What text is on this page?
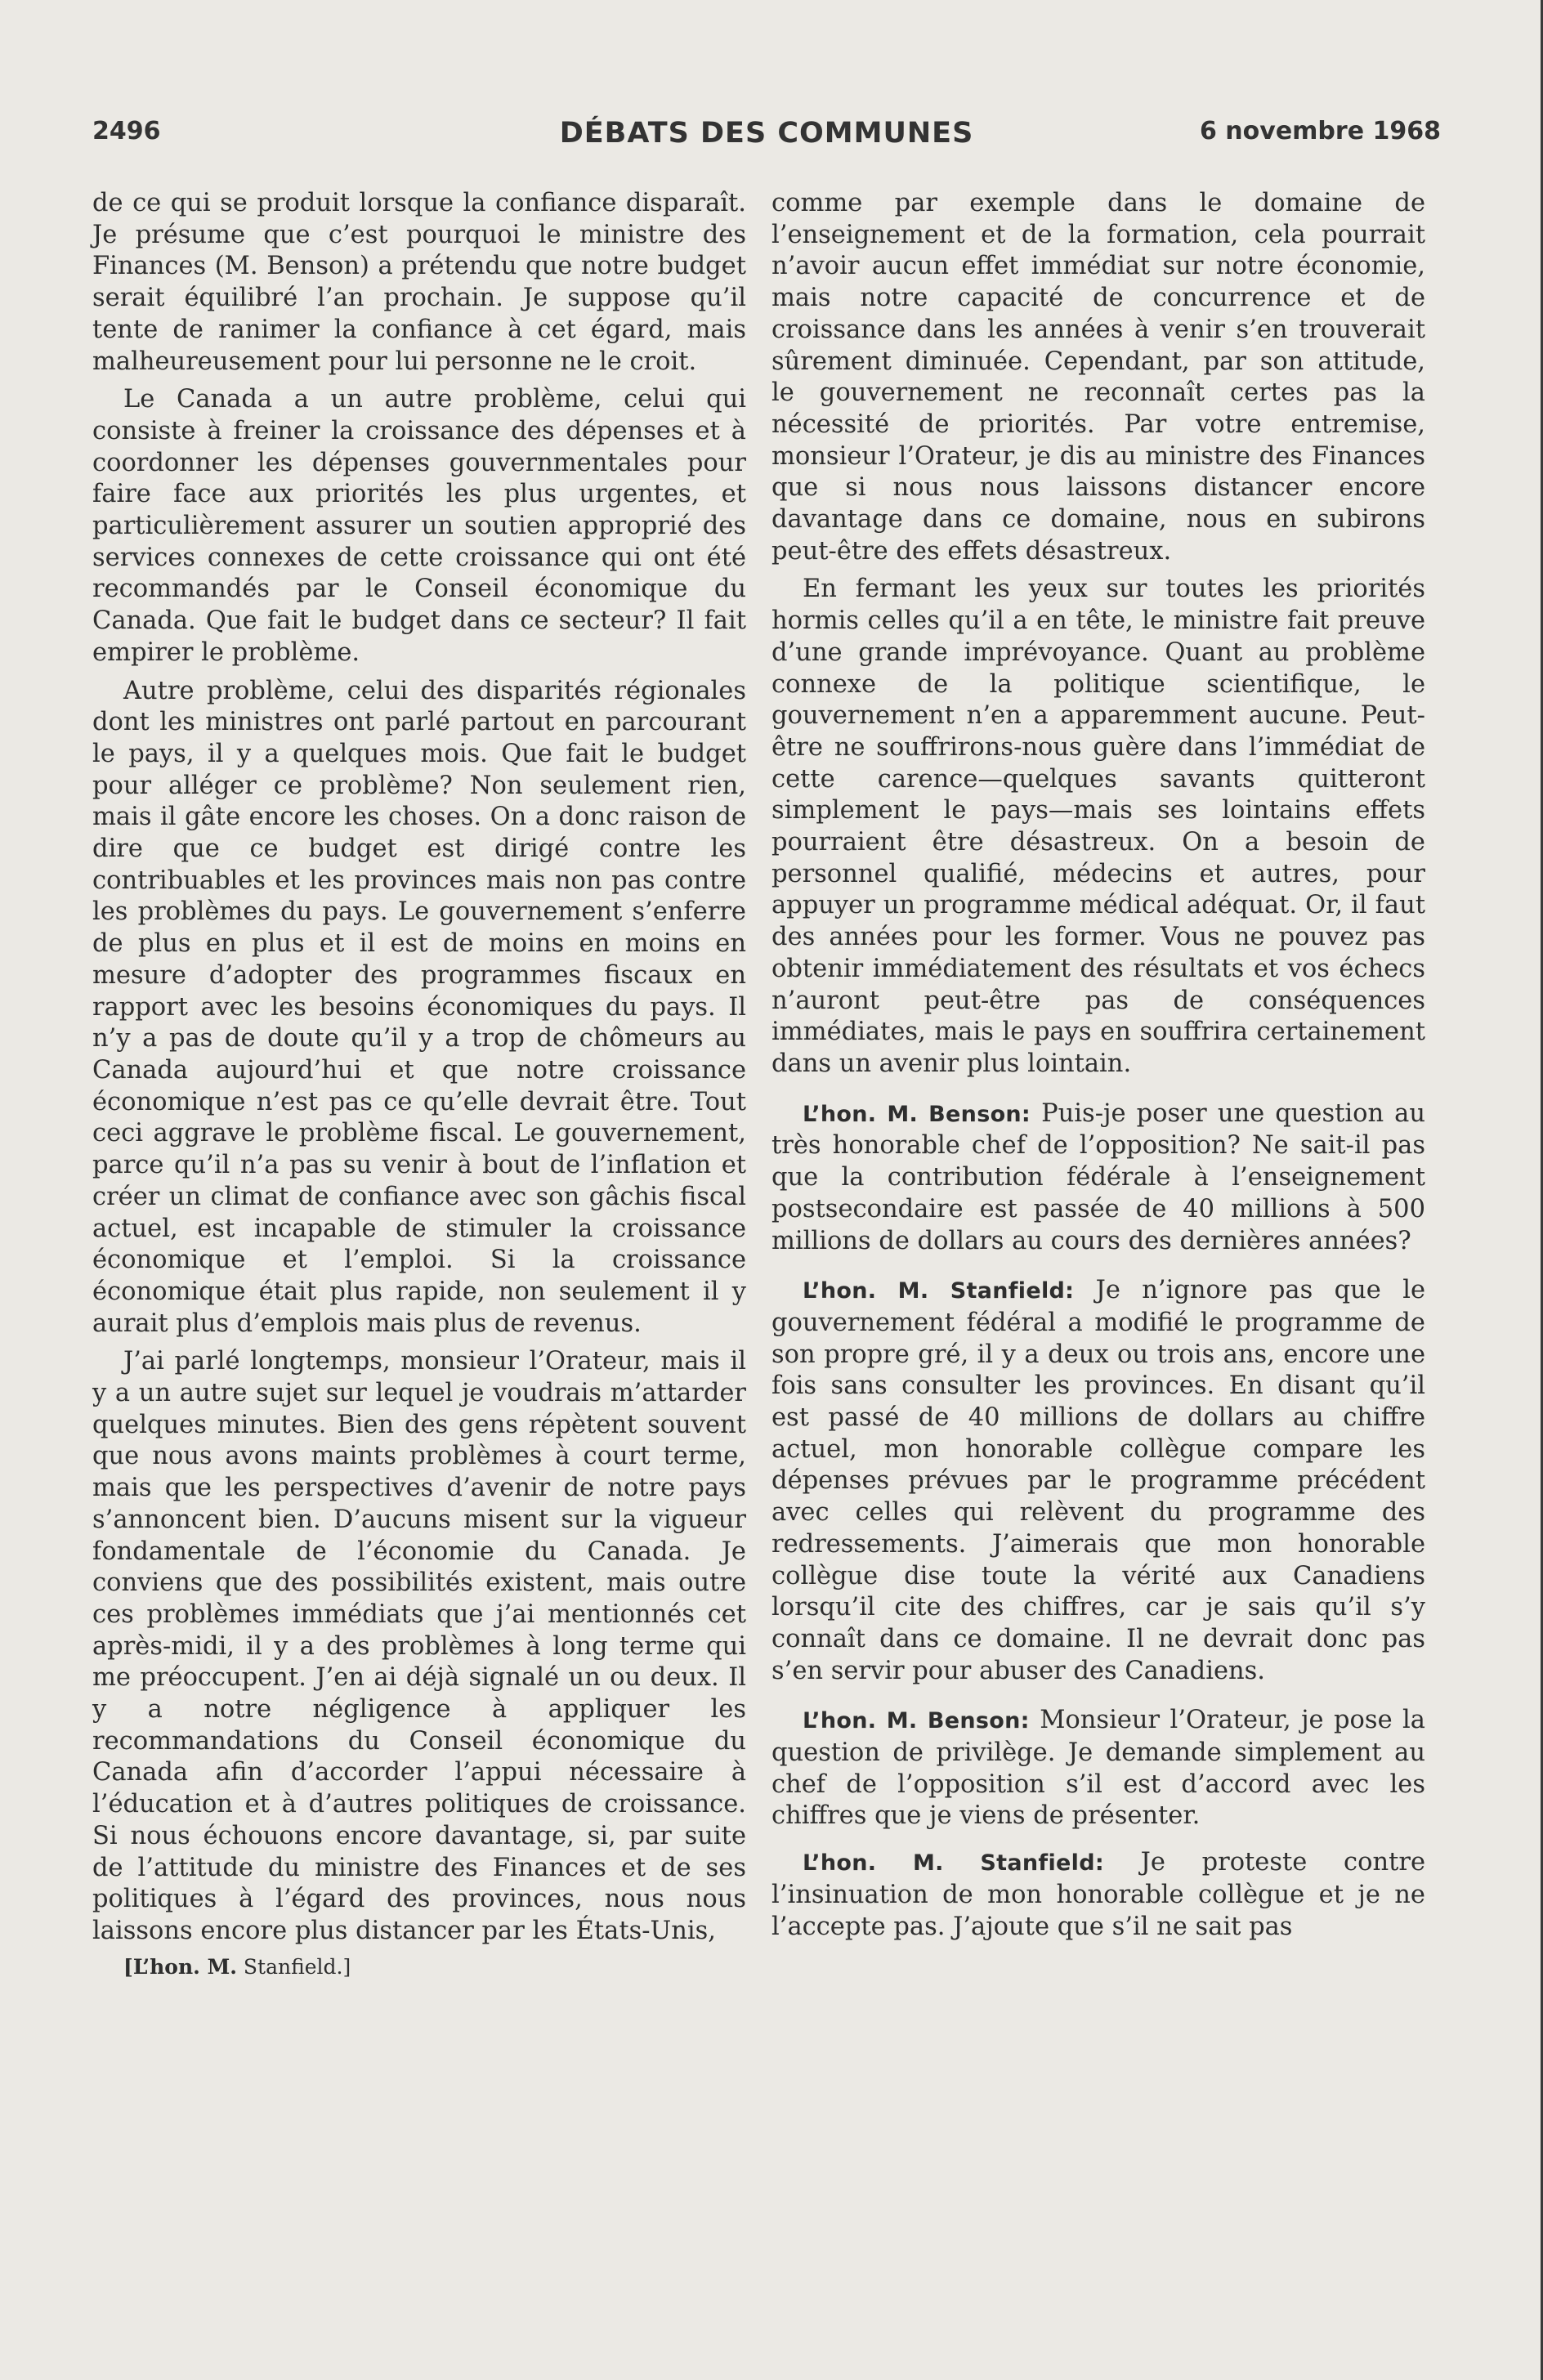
2496	DÉBATS DES COMMUNES	6 novembre 1968

de ce qui se produit lorsque la confiance disparaît. Je présume que c’est pourquoi le ministre des Finances (M. Benson) a prétendu que notre budget serait équilibré l’an prochain. Je suppose qu’il tente de ranimer la confiance à cet égard, mais malheureusement pour lui personne ne le croit.

Le Canada a un autre problème, celui qui consiste à freiner la croissance des dépenses et à coordonner les dépenses gouvernmentales pour faire face aux priorités les plus urgentes, et particulièrement assurer un soutien approprié des services connexes de cette croissance qui ont été recommandés par le Conseil économique du Canada. Que fait le budget dans ce secteur? Il fait empirer le problème.

Autre problème, celui des disparités régionales dont les ministres ont parlé partout en parcourant le pays, il y a quelques mois. Que fait le budget pour alléger ce problème? Non seulement rien, mais il gâte encore les choses. On a donc raison de dire que ce budget est dirigé contre les contribuables et les provinces mais non pas contre les problèmes du pays. Le gouvernement s’enferre de plus en plus et il est de moins en moins en mesure d’adopter des programmes fiscaux en rapport avec les besoins économiques du pays. Il n’y a pas de doute qu’il y a trop de chômeurs au Canada aujourd’hui et que notre croissance économique n’est pas ce qu’elle devrait être. Tout ceci aggrave le problème fiscal. Le gouvernement, parce qu’il n’a pas su venir à bout de l’inflation et créer un climat de confiance avec son gâchis fiscal actuel, est incapable de stimuler la croissance économique et l’emploi. Si la croissance économique était plus rapide, non seulement il y aurait plus d’emplois mais plus de revenus.

J’ai parlé longtemps, monsieur l’Orateur, mais il y a un autre sujet sur lequel je voudrais m’attarder quelques minutes. Bien des gens répètent souvent que nous avons maints problèmes à court terme, mais que les perspectives d’avenir de notre pays s’annoncent bien. D’aucuns misent sur la vigueur fondamentale de l’économie du Canada. Je conviens que des possibilités existent, mais outre ces problèmes immédiats que j’ai mentionnés cet après-midi, il y a des problèmes à long terme qui me préoccupent. J’en ai déjà signalé un ou deux. Il y a notre négligence à appliquer les recommandations du Conseil économique du Canada afin d’accorder l’appui nécessaire à l’éducation et à d’autres politiques de croissance. Si nous échouons encore davantage, si, par suite de l’attitude du ministre des Finances et de ses politiques à l’égard des provinces, nous nous laissons encore plus distancer par les États-Unis,

[L’hon. M. Stanfield.]

comme par exemple dans le domaine de l’enseignement et de la formation, cela pourrait n’avoir aucun effet immédiat sur notre économie, mais notre capacité de concurrence et de croissance dans les années à venir s’en trouverait sûrement diminuée. Cependant, par son attitude, le gouvernement ne reconnaît certes pas la nécessité de priorités. Par votre entremise, monsieur l’Orateur, je dis au ministre des Finances que si nous nous laissons distancer encore davantage dans ce domaine, nous en subirons peut-être des effets désastreux.

En fermant les yeux sur toutes les priorités hormis celles qu’il a en tête, le ministre fait preuve d’une grande imprévoyance. Quant au problème connexe de la politique scientifique, le gouvernement n’en a apparemment aucune. Peut-être ne souffrirons-nous guère dans l’immédiat de cette carence—quelques savants quitteront simplement le pays—mais ses lointains effets pourraient être désastreux. On a besoin de personnel qualifié, médecins et autres, pour appuyer un programme médical adéquat. Or, il faut des années pour les former. Vous ne pouvez pas obtenir immédiatement des résultats et vos échecs n’auront peut-être pas de conséquences immédiates, mais le pays en souffrira certainement dans un avenir plus lointain.

L’hon. M. Benson: Puis-je poser une question au très honorable chef de l’opposition? Ne sait-il pas que la contribution fédérale à l’enseignement postsecondaire est passée de 40 millions à 500 millions de dollars au cours des dernières années?

L’hon. M. Stanfield: Je n’ignore pas que le gouvernement fédéral a modifié le programme de son propre gré, il y a deux ou trois ans, encore une fois sans consulter les provinces. En disant qu’il est passé de 40 millions de dollars au chiffre actuel, mon honorable collègue compare les dépenses prévues par le programme précédent avec celles qui relèvent du programme des redressements. J’aimerais que mon honorable collègue dise toute la vérité aux Canadiens lorsqu’il cite des chiffres, car je sais qu’il s’y connaît dans ce domaine. Il ne devrait donc pas s’en servir pour abuser des Canadiens.

L’hon. M. Benson: Monsieur l’Orateur, je pose la question de privilège. Je demande simplement au chef de l’opposition s’il est d’accord avec les chiffres que je viens de présenter.

L’hon. M. Stanfield: Je proteste contre l’insinuation de mon honorable collègue et je ne l’accepte pas. J’ajoute que s’il ne sait pas
